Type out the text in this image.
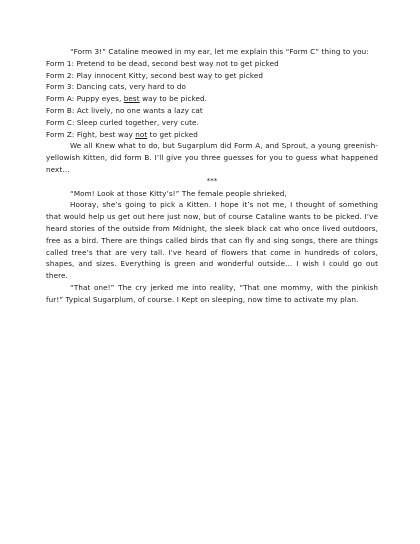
“Form 3!” Cataline meowed in my ear, let me explain this “Form C” thing to you:

Form 1: Pretend to be dead, second best way not to get picked

Form 2: Play innocent Kitty, second best way to get picked

Form 3: Dancing cats, very hard to do

Form A: Puppy eyes, best way to be picked.

Form B: Act lively, no one wants a lazy cat

Form C: Sleep curled together, very cute.

Form Z: Fight, best way not to get picked

We all Knew what to do, but Sugarplum did Form A, and Sprout, a young greenish-yellowish Kitten, did form B. I’ll give you three guesses for you to guess what happened next…

***

“Mom! Look at those Kitty’s!” The female people shrieked,

Hooray, she’s going to pick a Kitten. I hope it’s not me, I thought of something that would help us get out here just now, but of course Cataline wants to be picked. I’ve heard stories of the outside from Midnight, the sleek black cat who once lived outdoors, free as a bird. There are things called birds that can fly and sing songs, there are things called tree’s that are very tall. I’ve heard of flowers that come in hundreds of colors, shapes, and sizes. Everything is green and wonderful outside… I wish I could go out there.

“That one!” The cry jerked me into reality, “That one mommy, with the pinkish fur!” Typical Sugarplum, of course. I Kept on sleeping, now time to activate my plan.
